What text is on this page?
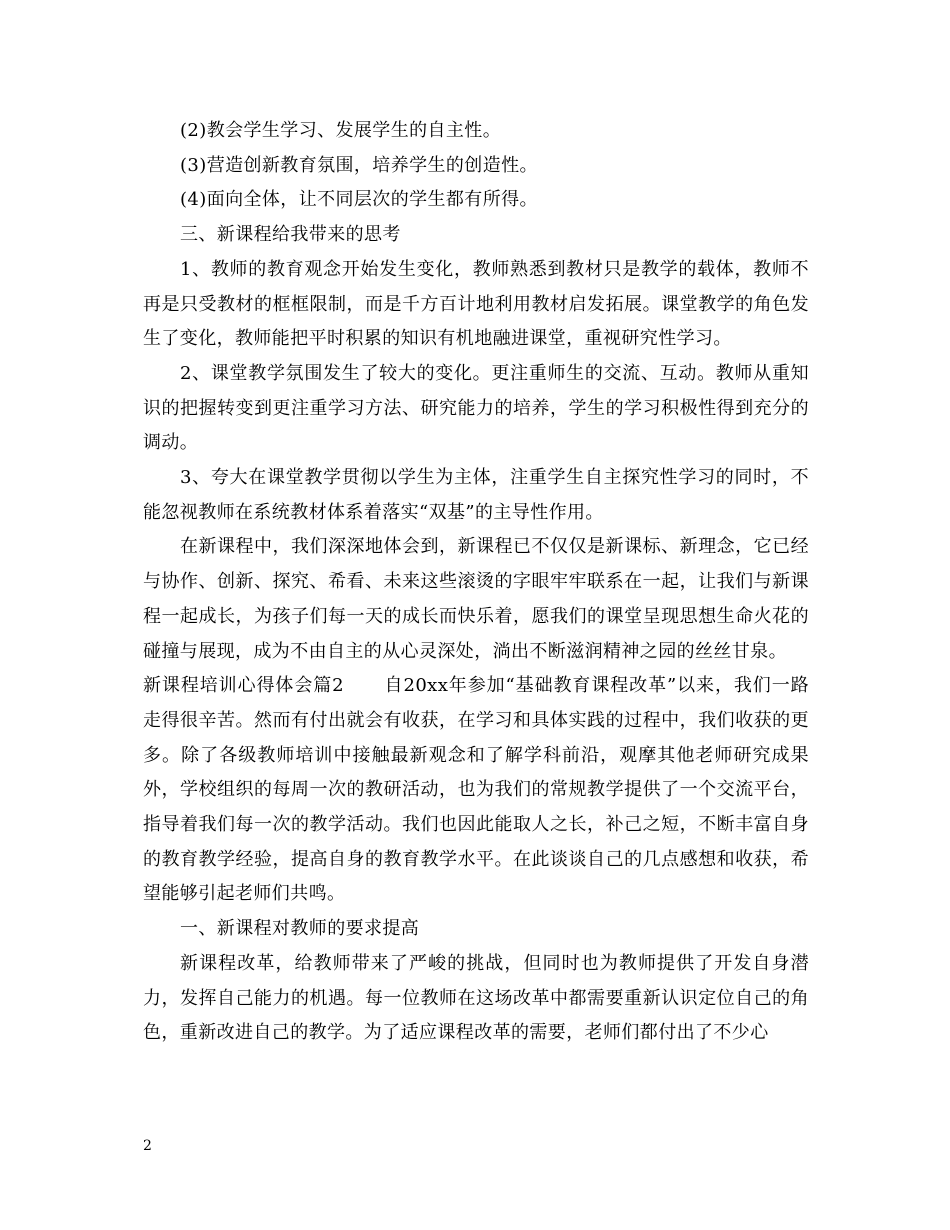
(2)教会学生学习、发展学生的自主性。

(3)营造创新教育氛围，培养学生的创造性。

(4)面向全体，让不同层次的学生都有所得。

三、新课程给我带来的思考

1、教师的教育观念开始发生变化，教师熟悉到教材只是教学的载体，教师不再是只受教材的框框限制，而是千方百计地利用教材启发拓展。课堂教学的角色发生了变化，教师能把平时积累的知识有机地融进课堂，重视研究性学习。

2、课堂教学氛围发生了较大的变化。更注重师生的交流、互动。教师从重知识的把握转变到更注重学习方法、研究能力的培养，学生的学习积极性得到充分的调动。

3、夸大在课堂教学贯彻以学生为主体，注重学生自主探究性学习的同时，不能忽视教师在系统教材体系着落实“双基”的主导性作用。

在新课程中，我们深深地体会到，新课程已不仅仅是新课标、新理念，它已经与协作、创新、探究、希看、未来这些滚烫的字眼牢牢联系在一起，让我们与新课程一起成长，为孩子们每一天的成长而快乐着，愿我们的课堂呈现思想生命火花的碰撞与展现，成为不由自主的从心灵深处，淌出不断滋润精神之园的丝丝甘泉。

新课程培训心得体会篇2 自20xx年参加“基础教育课程改革”以来，我们一路走得很辛苦。然而有付出就会有收获，在学习和具体实践的过程中，我们收获的更多。除了各级教师培训中接触最新观念和了解学科前沿，观摩其他老师研究成果外，学校组织的每周一次的教研活动，也为我们的常规教学提供了一个交流平台，指导着我们每一次的教学活动。我们也因此能取人之长，补己之短，不断丰富自身的教育教学经验，提高自身的教育教学水平。在此谈谈自己的几点感想和收获，希望能够引起老师们共鸣。

一、新课程对教师的要求提高

新课程改革，给教师带来了严峻的挑战，但同时也为教师提供了开发自身潜力，发挥自己能力的机遇。每一位教师在这场改革中都需要重新认识定位自己的角色，重新改进自己的教学。为了适应课程改革的需要，老师们都付出了不少心

2
